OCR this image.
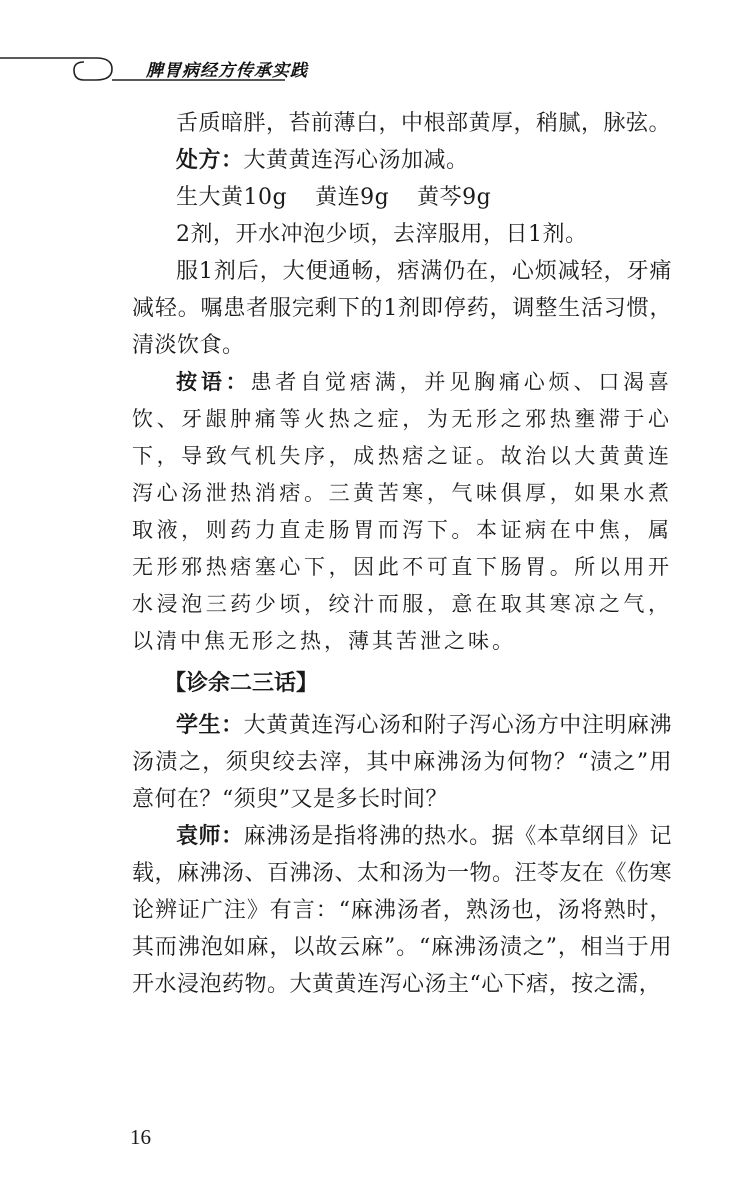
脾胃病经方传承实践

舌质暗胖，苔前薄白，中根部黄厚，稍腻，脉弦。

处方：大黄黄连泻心汤加减。

生大黄10g 黄连9g 黄芩9g

2剂，开水冲泡少顷，去滓服用，日1剂。

服1剂后，大便通畅，痞满仍在，心烦减轻，牙痛减轻。嘱患者服完剩下的1剂即停药，调整生活习惯，清淡饮食。

按语：患者自觉痞满，并见胸痛心烦、口渴喜饮、牙龈肿痛等火热之症，为无形之邪热壅滞于心下，导致气机失序，成热痞之证。故治以大黄黄连泻心汤泄热消痞。三黄苦寒，气味俱厚，如果水煮取液，则药力直走肠胃而泻下。本证病在中焦，属无形邪热痞塞心下，因此不可直下肠胃。所以用开水浸泡三药少顷，绞汁而服，意在取其寒凉之气，以清中焦无形之热，薄其苦泄之味。

【诊余二三话】

学生：大黄黄连泻心汤和附子泻心汤方中注明麻沸汤渍之，须臾绞去滓，其中麻沸汤为何物？“渍之”用意何在？“须臾”又是多长时间？

袁师：麻沸汤是指将沸的热水。据《本草纲目》记载，麻沸汤、百沸汤、太和汤为一物。汪苓友在《伤寒论辨证广注》有言：“麻沸汤者，熟汤也，汤将熟时，其而沸泡如麻，以故云麻”。“麻沸汤渍之”，相当于用开水浸泡药物。大黄黄连泻心汤主“心下痞，按之濡，

16
